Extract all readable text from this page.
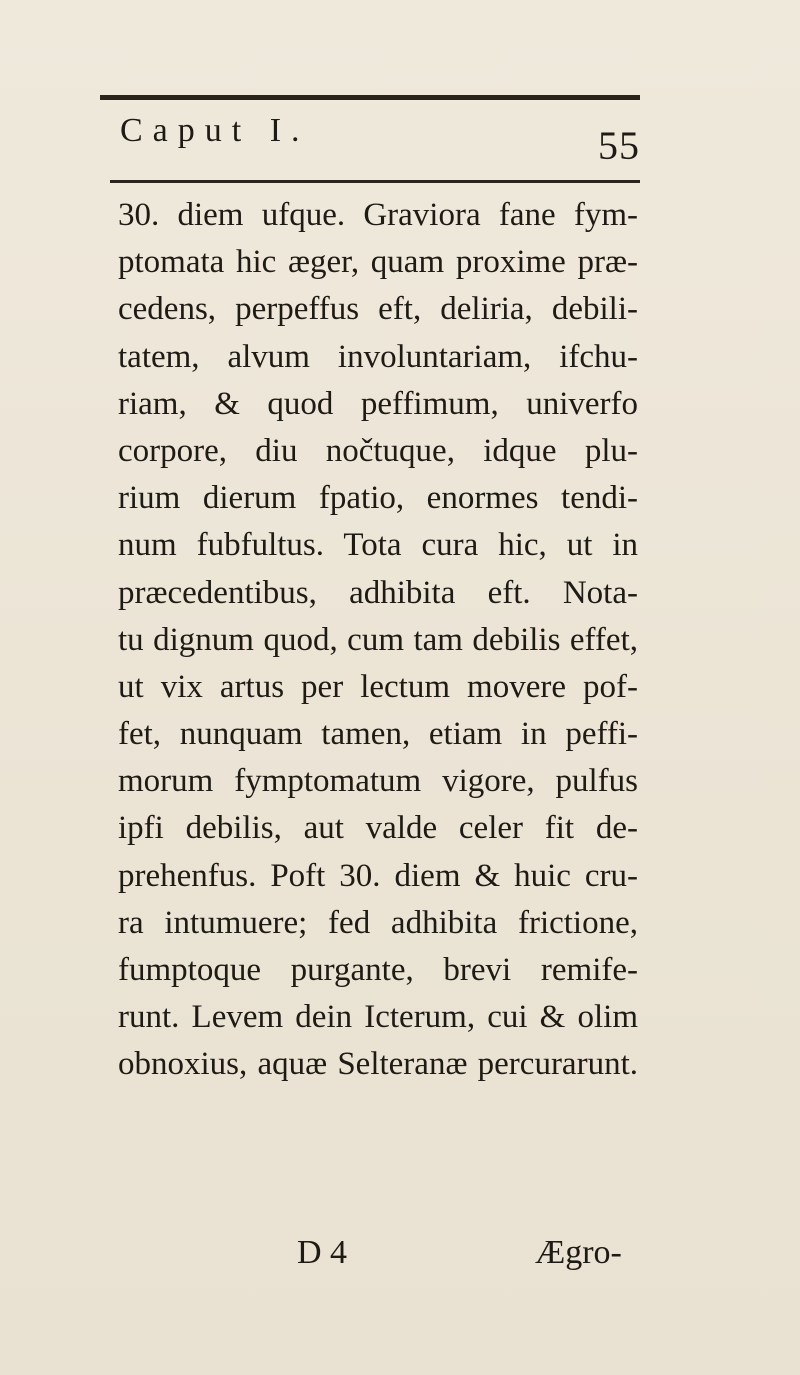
Caput I.	55
30. diem ufque. Graviora fane fym-
ptomata hic æger, quam proxime præ-
cedens, perpeffus eft, deliria, debili-
tatem, alvum involuntariam, ifchu-
riam, & quod peffimum, univerfo
corpore, diu nočtuque, idque plu-
rium dierum fpatio, enormes tendi-
num fubfultus. Tota cura hic, ut in
præcedentibus, adhibita eft. Nota-
tu dignum quod, cum tam debilis effet,
ut vix artus per lectum movere pof-
fet, nunquam tamen, etiam in peffi-
morum fymptomatum vigore, pulfus
ipfi debilis, aut valde celer fit de-
prehenfus. Poft 30. diem & huic cru-
ra intumuere; fed adhibita frictione,
fumptoque purgante, brevi remife-
runt. Levem dein Icterum, cui & olim
obnoxius, aquæ Selteranæ percurarunt.
D 4	Ægro-
